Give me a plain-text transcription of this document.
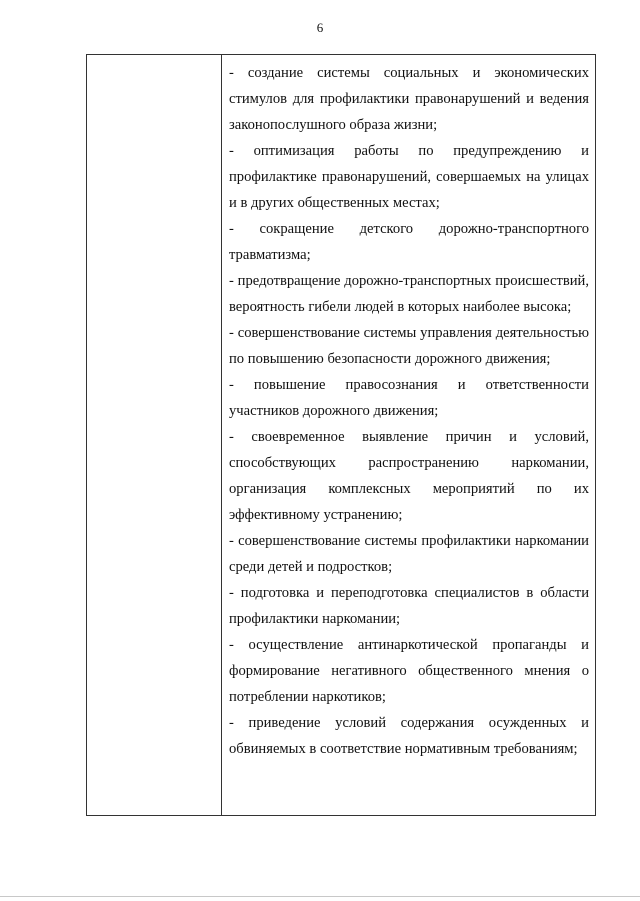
6
- создание системы социальных и экономических стимулов для профилактики правонарушений и ведения законопослушного образа жизни;
- оптимизация работы по предупреждению и профилактике правонарушений, совершаемых на улицах и в других общественных местах;
- сокращение детского дорожно-транспортного травматизма;
- предотвращение дорожно-транспортных происшествий, вероятность гибели людей в которых наиболее высока;
- совершенствование системы управления деятельностью по повышению безопасности дорожного движения;
- повышение правосознания и ответственности участников дорожного движения;
- своевременное выявление причин и условий, способствующих распространению наркомании, организация комплексных мероприятий по их эффективному устранению;
- совершенствование системы профилактики наркомании среди детей и подростков;
- подготовка и переподготовка специалистов в области профилактики наркомании;
- осуществление антинаркотической пропаганды и формирование негативного общественного мнения о потреблении наркотиков;
- приведение условий содержания осужденных и обвиняемых в соответствие нормативным требованиям;
